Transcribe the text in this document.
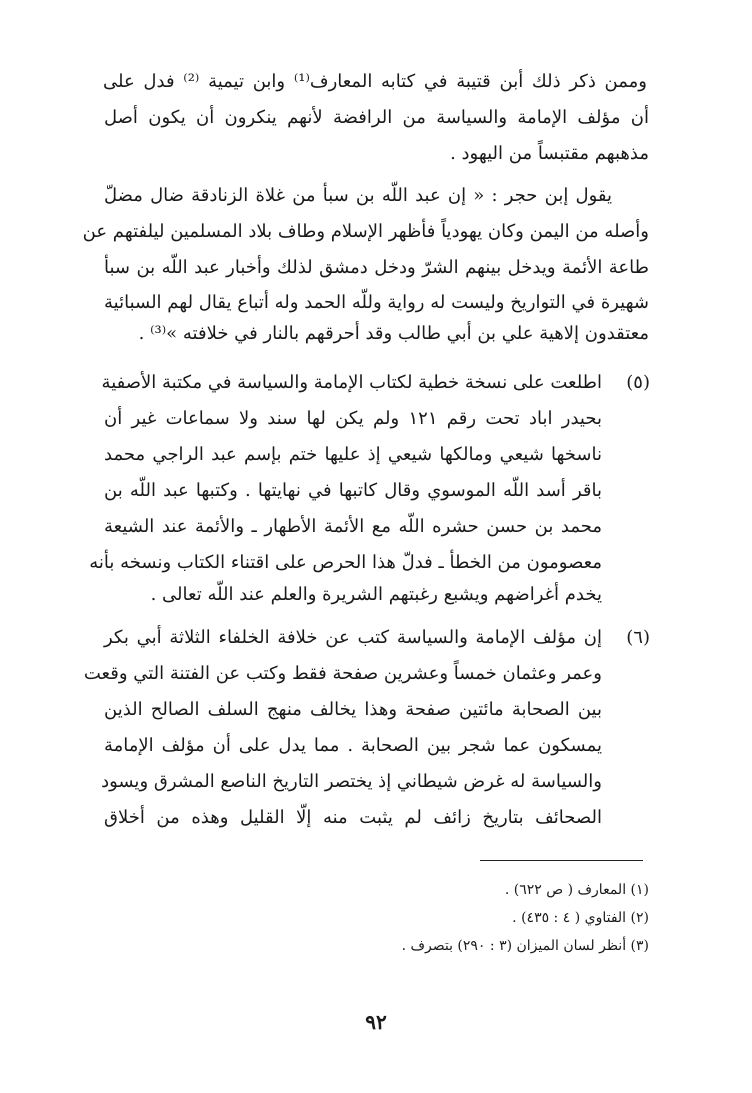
وممن ذكر ذلك أبن قتيبة في كتابه المعارف⁽¹⁾ وابن تيمية ⁽²⁾ فدل على
أن مؤلف الإمامة والسياسة من الرافضة لأنهم ينكرون أن يكون أصل
مذهبهم مقتبساً من اليهود .
يقول إبن حجر : « إن عبد اللّه بن سبأ من غلاة الزنادقة ضال مضلّ
وأصله من اليمن وكان يهودياً فأظهر الإسلام وطاف بلاد المسلمين ليلفتهم عن
طاعة الأئمة ويدخل بينهم الشرّ ودخل دمشق لذلك وأخبار عبد اللّه بن سبأ
شهيرة في التواريخ وليست له رواية وللّه الحمد وله أتباع يقال لهم السبائية
معتقدون إلاهية علي بن أبي طالب وقد أحرقهم بالنار في خلافته »⁽³⁾ .
(٥)
اطلعت على نسخة خطية لكتاب الإمامة والسياسة في مكتبة الأصفية
بحيدر اباد تحت رقم ١٢١ ولم يكن لها سند ولا سماعات غير أن
ناسخها شيعي ومالكها شيعي إذ عليها ختم بإسم عبد الراجي محمد
باقر أسد اللّه الموسوي وقال كاتبها في نهايتها . وكتبها عبد اللّه بن
محمد بن حسن حشره اللّه مع الأئمة الأطهار ـ والأئمة عند الشيعة
معصومون من الخطأ ـ فدلّ هذا الحرص على اقتناء الكتاب ونسخه بأنه
يخدم أغراضهم ويشبع رغبتهم الشريرة والعلم عند اللّه تعالى .
(٦)
إن مؤلف الإمامة والسياسة كتب عن خلافة الخلفاء الثلاثة أبي بكر
وعمر وعثمان خمساً وعشرين صفحة فقط وكتب عن الفتنة التي وقعت
بين الصحابة مائتين صفحة وهذا يخالف منهج السلف الصالح الذين
يمسكون عما شجر بين الصحابة . مما يدل على أن مؤلف الإمامة
والسياسة له غرض شيطاني إذ يختصر التاريخ الناصع المشرق ويسود
الصحائف بتاريخ زائف لم يثبت منه إلّا القليل وهذه من أخلاق
(١) المعارف ( ص ٦٢٢) .
(٢) الفتاوي ( ٤ : ٤٣٥) .
(٣) أنظر لسان الميزان (٣ : ٢٩٠) بتصرف .
٩٢
